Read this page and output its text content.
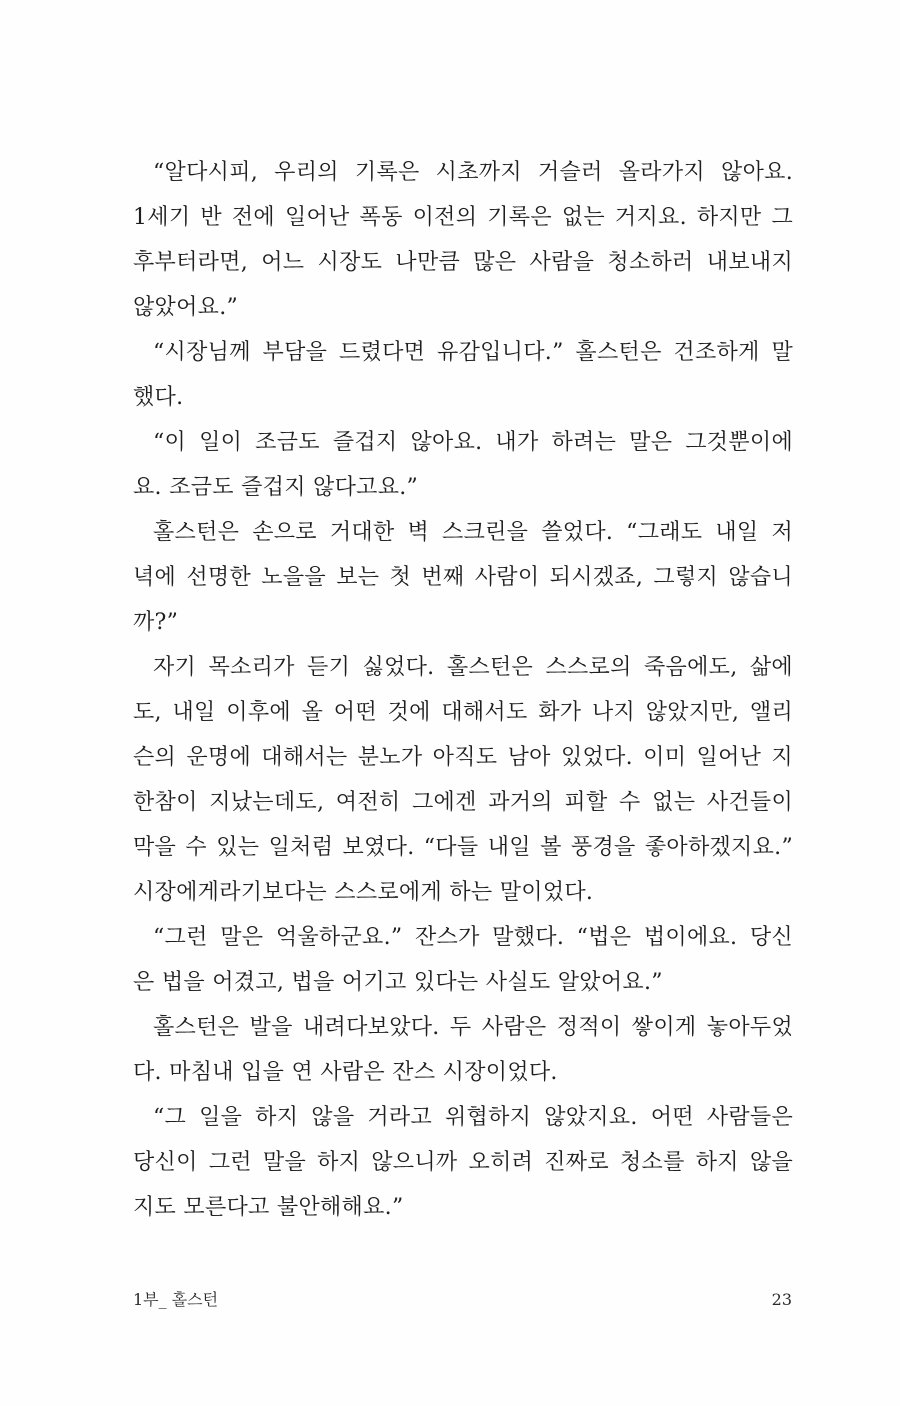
“알다시피, 우리의 기록은 시초까지 거슬러 올라가지 않아요.
1세기 반 전에 일어난 폭동 이전의 기록은 없는 거지요. 하지만 그
후부터라면, 어느 시장도 나만큼 많은 사람을 청소하러 내보내지
않았어요.”
“시장님께 부담을 드렸다면 유감입니다.” 홀스턴은 건조하게 말
했다.
“이 일이 조금도 즐겁지 않아요. 내가 하려는 말은 그것뿐이에
요. 조금도 즐겁지 않다고요.”
홀스턴은 손으로 거대한 벽 스크린을 쓸었다. “그래도 내일 저
녁에 선명한 노을을 보는 첫 번째 사람이 되시겠죠, 그렇지 않습니
까?”
자기 목소리가 듣기 싫었다. 홀스턴은 스스로의 죽음에도, 삶에
도, 내일 이후에 올 어떤 것에 대해서도 화가 나지 않았지만, 앨리
슨의 운명에 대해서는 분노가 아직도 남아 있었다. 이미 일어난 지
한참이 지났는데도, 여전히 그에겐 과거의 피할 수 없는 사건들이
막을 수 있는 일처럼 보였다. “다들 내일 볼 풍경을 좋아하겠지요.”
시장에게라기보다는 스스로에게 하는 말이었다.
“그런 말은 억울하군요.” 잔스가 말했다. “법은 법이에요. 당신
은 법을 어겼고, 법을 어기고 있다는 사실도 알았어요.”
홀스턴은 발을 내려다보았다. 두 사람은 정적이 쌓이게 놓아두었
다. 마침내 입을 연 사람은 잔스 시장이었다.
“그 일을 하지 않을 거라고 위협하지 않았지요. 어떤 사람들은
당신이 그런 말을 하지 않으니까 오히려 진짜로 청소를 하지 않을
지도 모른다고 불안해해요.”
1부_ 홀스턴	23
